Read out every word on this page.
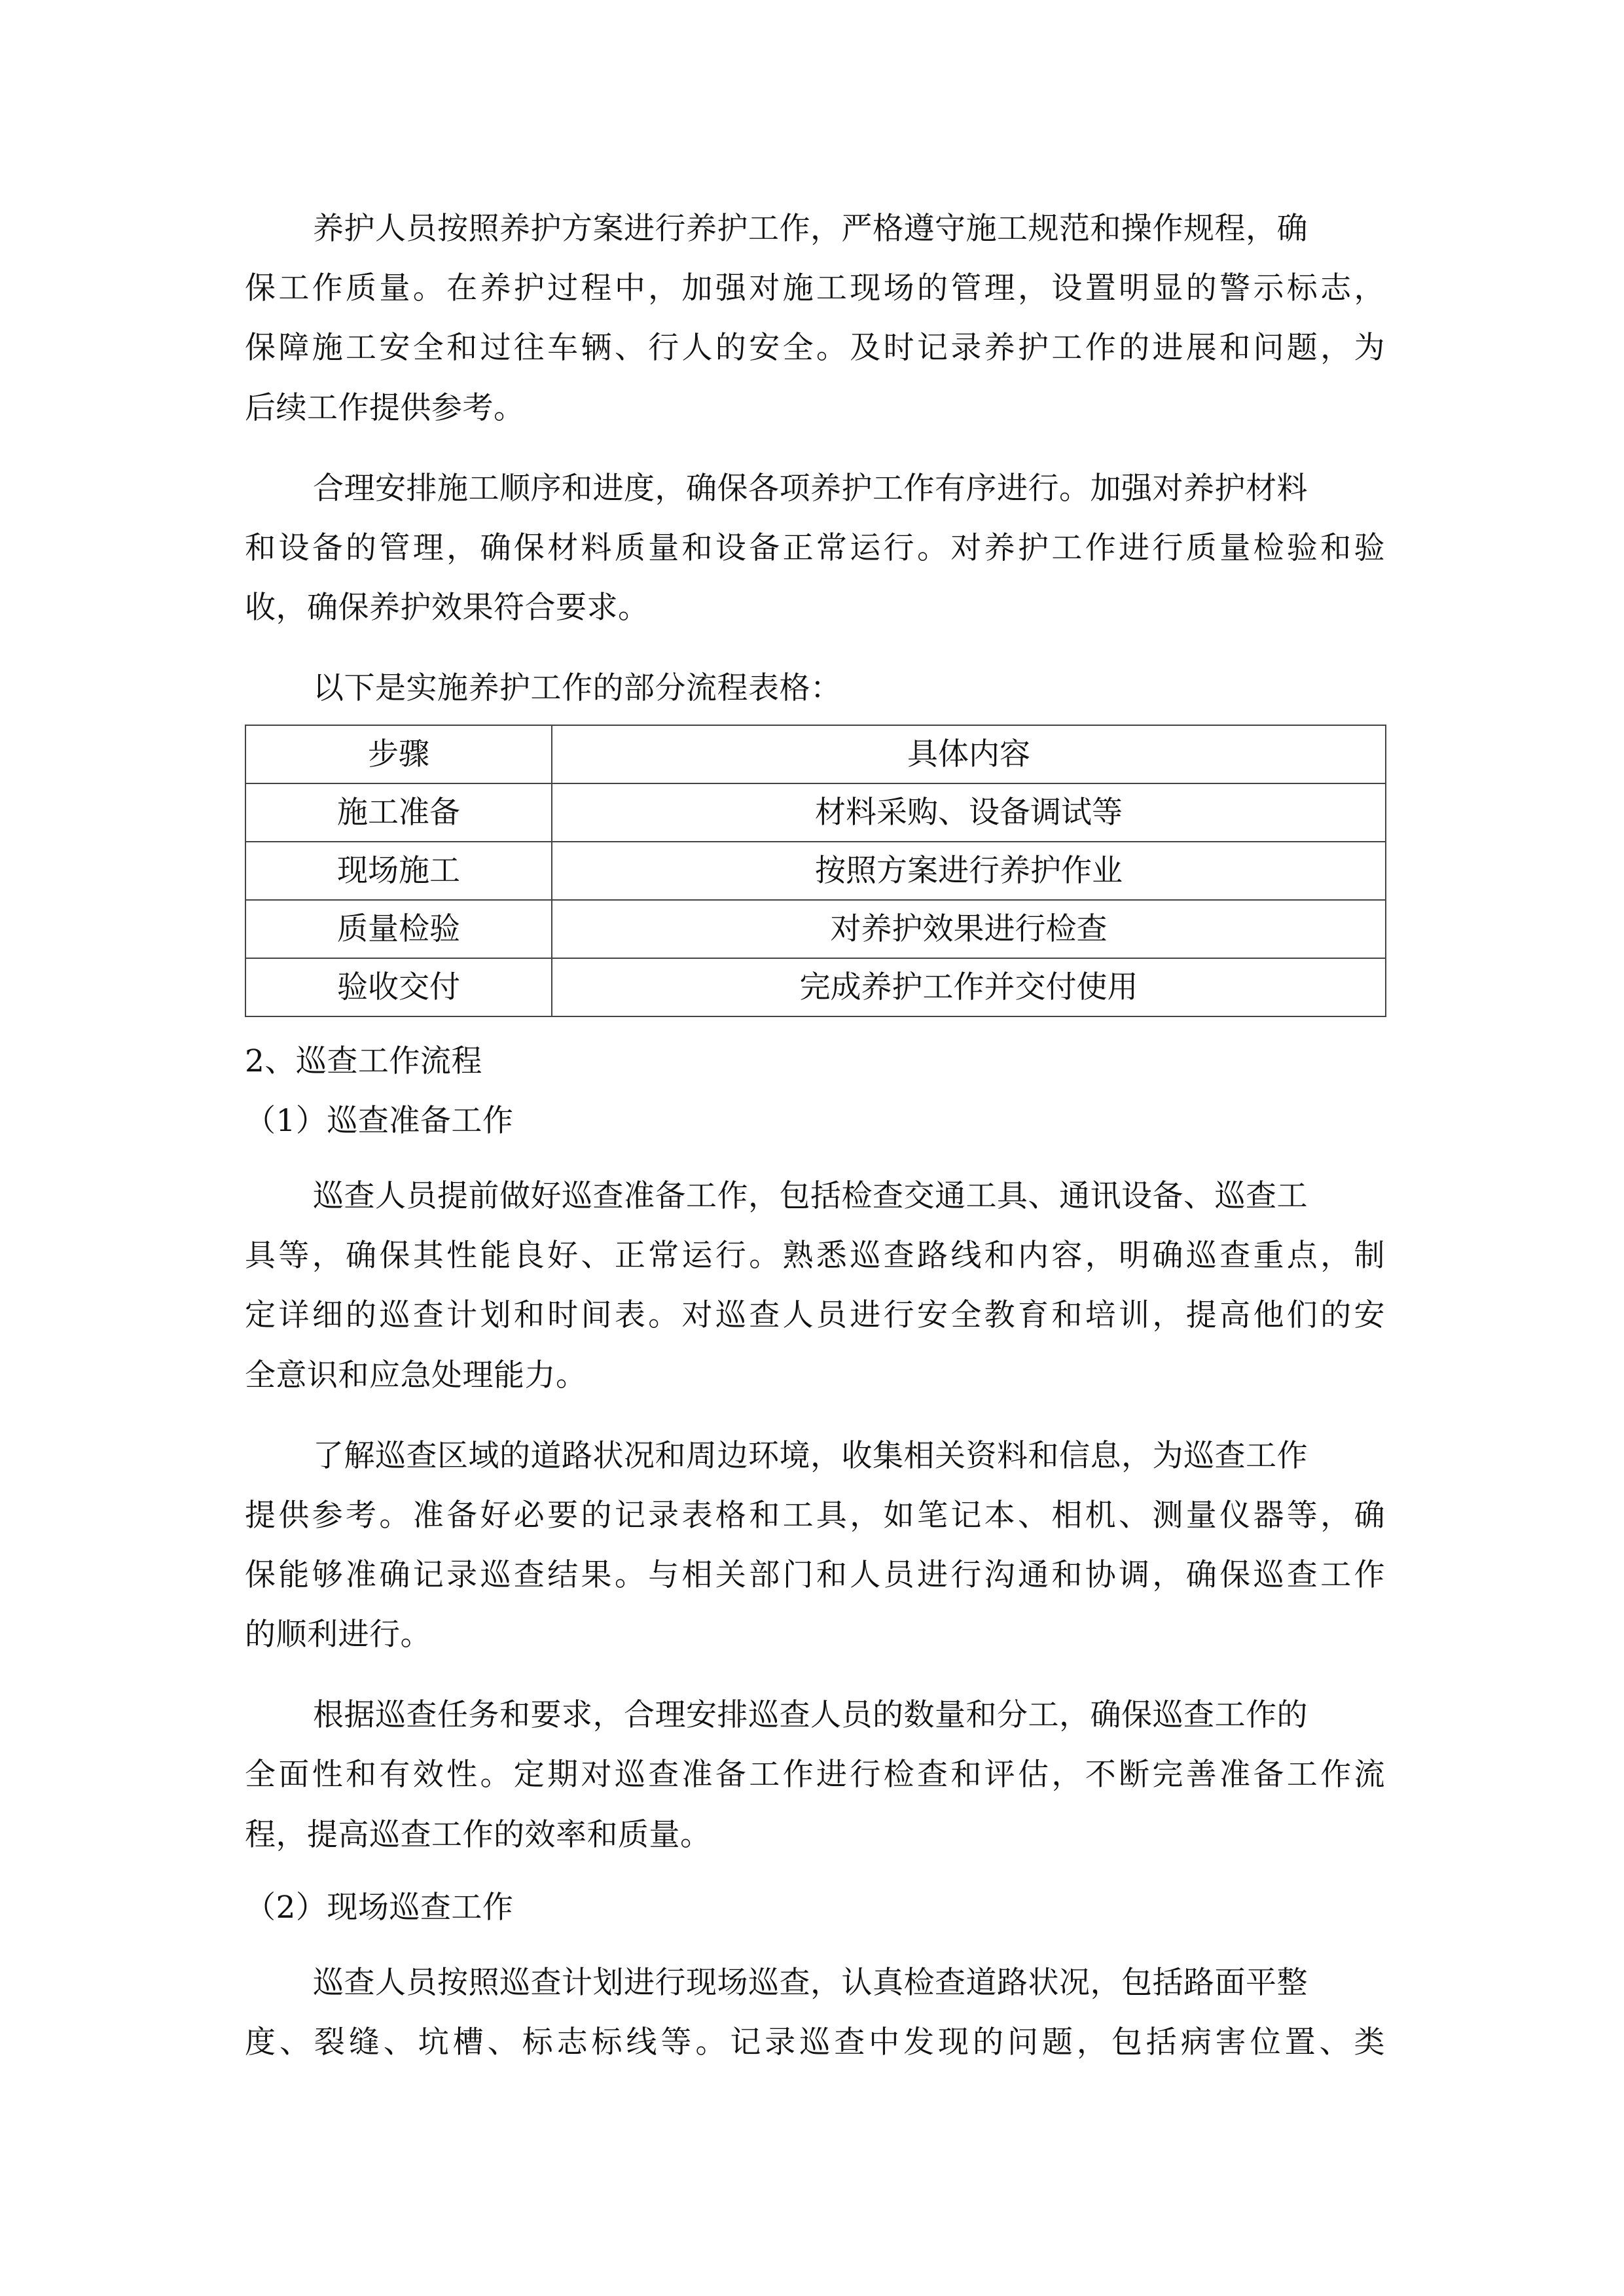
养护人员按照养护方案进行养护工作，严格遵守施工规范和操作规程，确
保工作质量。在养护过程中，加强对施工现场的管理，设置明显的警示标志，
保障施工安全和过往车辆、行人的安全。及时记录养护工作的进展和问题，为
后续工作提供参考。
合理安排施工顺序和进度，确保各项养护工作有序进行。加强对养护材料
和设备的管理，确保材料质量和设备正常运行。对养护工作进行质量检验和验
收，确保养护效果符合要求。
以下是实施养护工作的部分流程表格：
步骤	具体内容
施工准备	材料采购、设备调试等
现场施工	按照方案进行养护作业
质量检验	对养护效果进行检查
验收交付	完成养护工作并交付使用
2、巡查工作流程
（1）巡查准备工作
巡查人员提前做好巡查准备工作，包括检查交通工具、通讯设备、巡查工
具等，确保其性能良好、正常运行。熟悉巡查路线和内容，明确巡查重点，制
定详细的巡查计划和时间表。对巡查人员进行安全教育和培训，提高他们的安
全意识和应急处理能力。
了解巡查区域的道路状况和周边环境，收集相关资料和信息，为巡查工作
提供参考。准备好必要的记录表格和工具，如笔记本、相机、测量仪器等，确
保能够准确记录巡查结果。与相关部门和人员进行沟通和协调，确保巡查工作
的顺利进行。
根据巡查任务和要求，合理安排巡查人员的数量和分工，确保巡查工作的
全面性和有效性。定期对巡查准备工作进行检查和评估，不断完善准备工作流
程，提高巡查工作的效率和质量。
（2）现场巡查工作
巡查人员按照巡查计划进行现场巡查，认真检查道路状况，包括路面平整
度、裂缝、坑槽、标志标线等。记录巡查中发现的问题，包括病害位置、类
